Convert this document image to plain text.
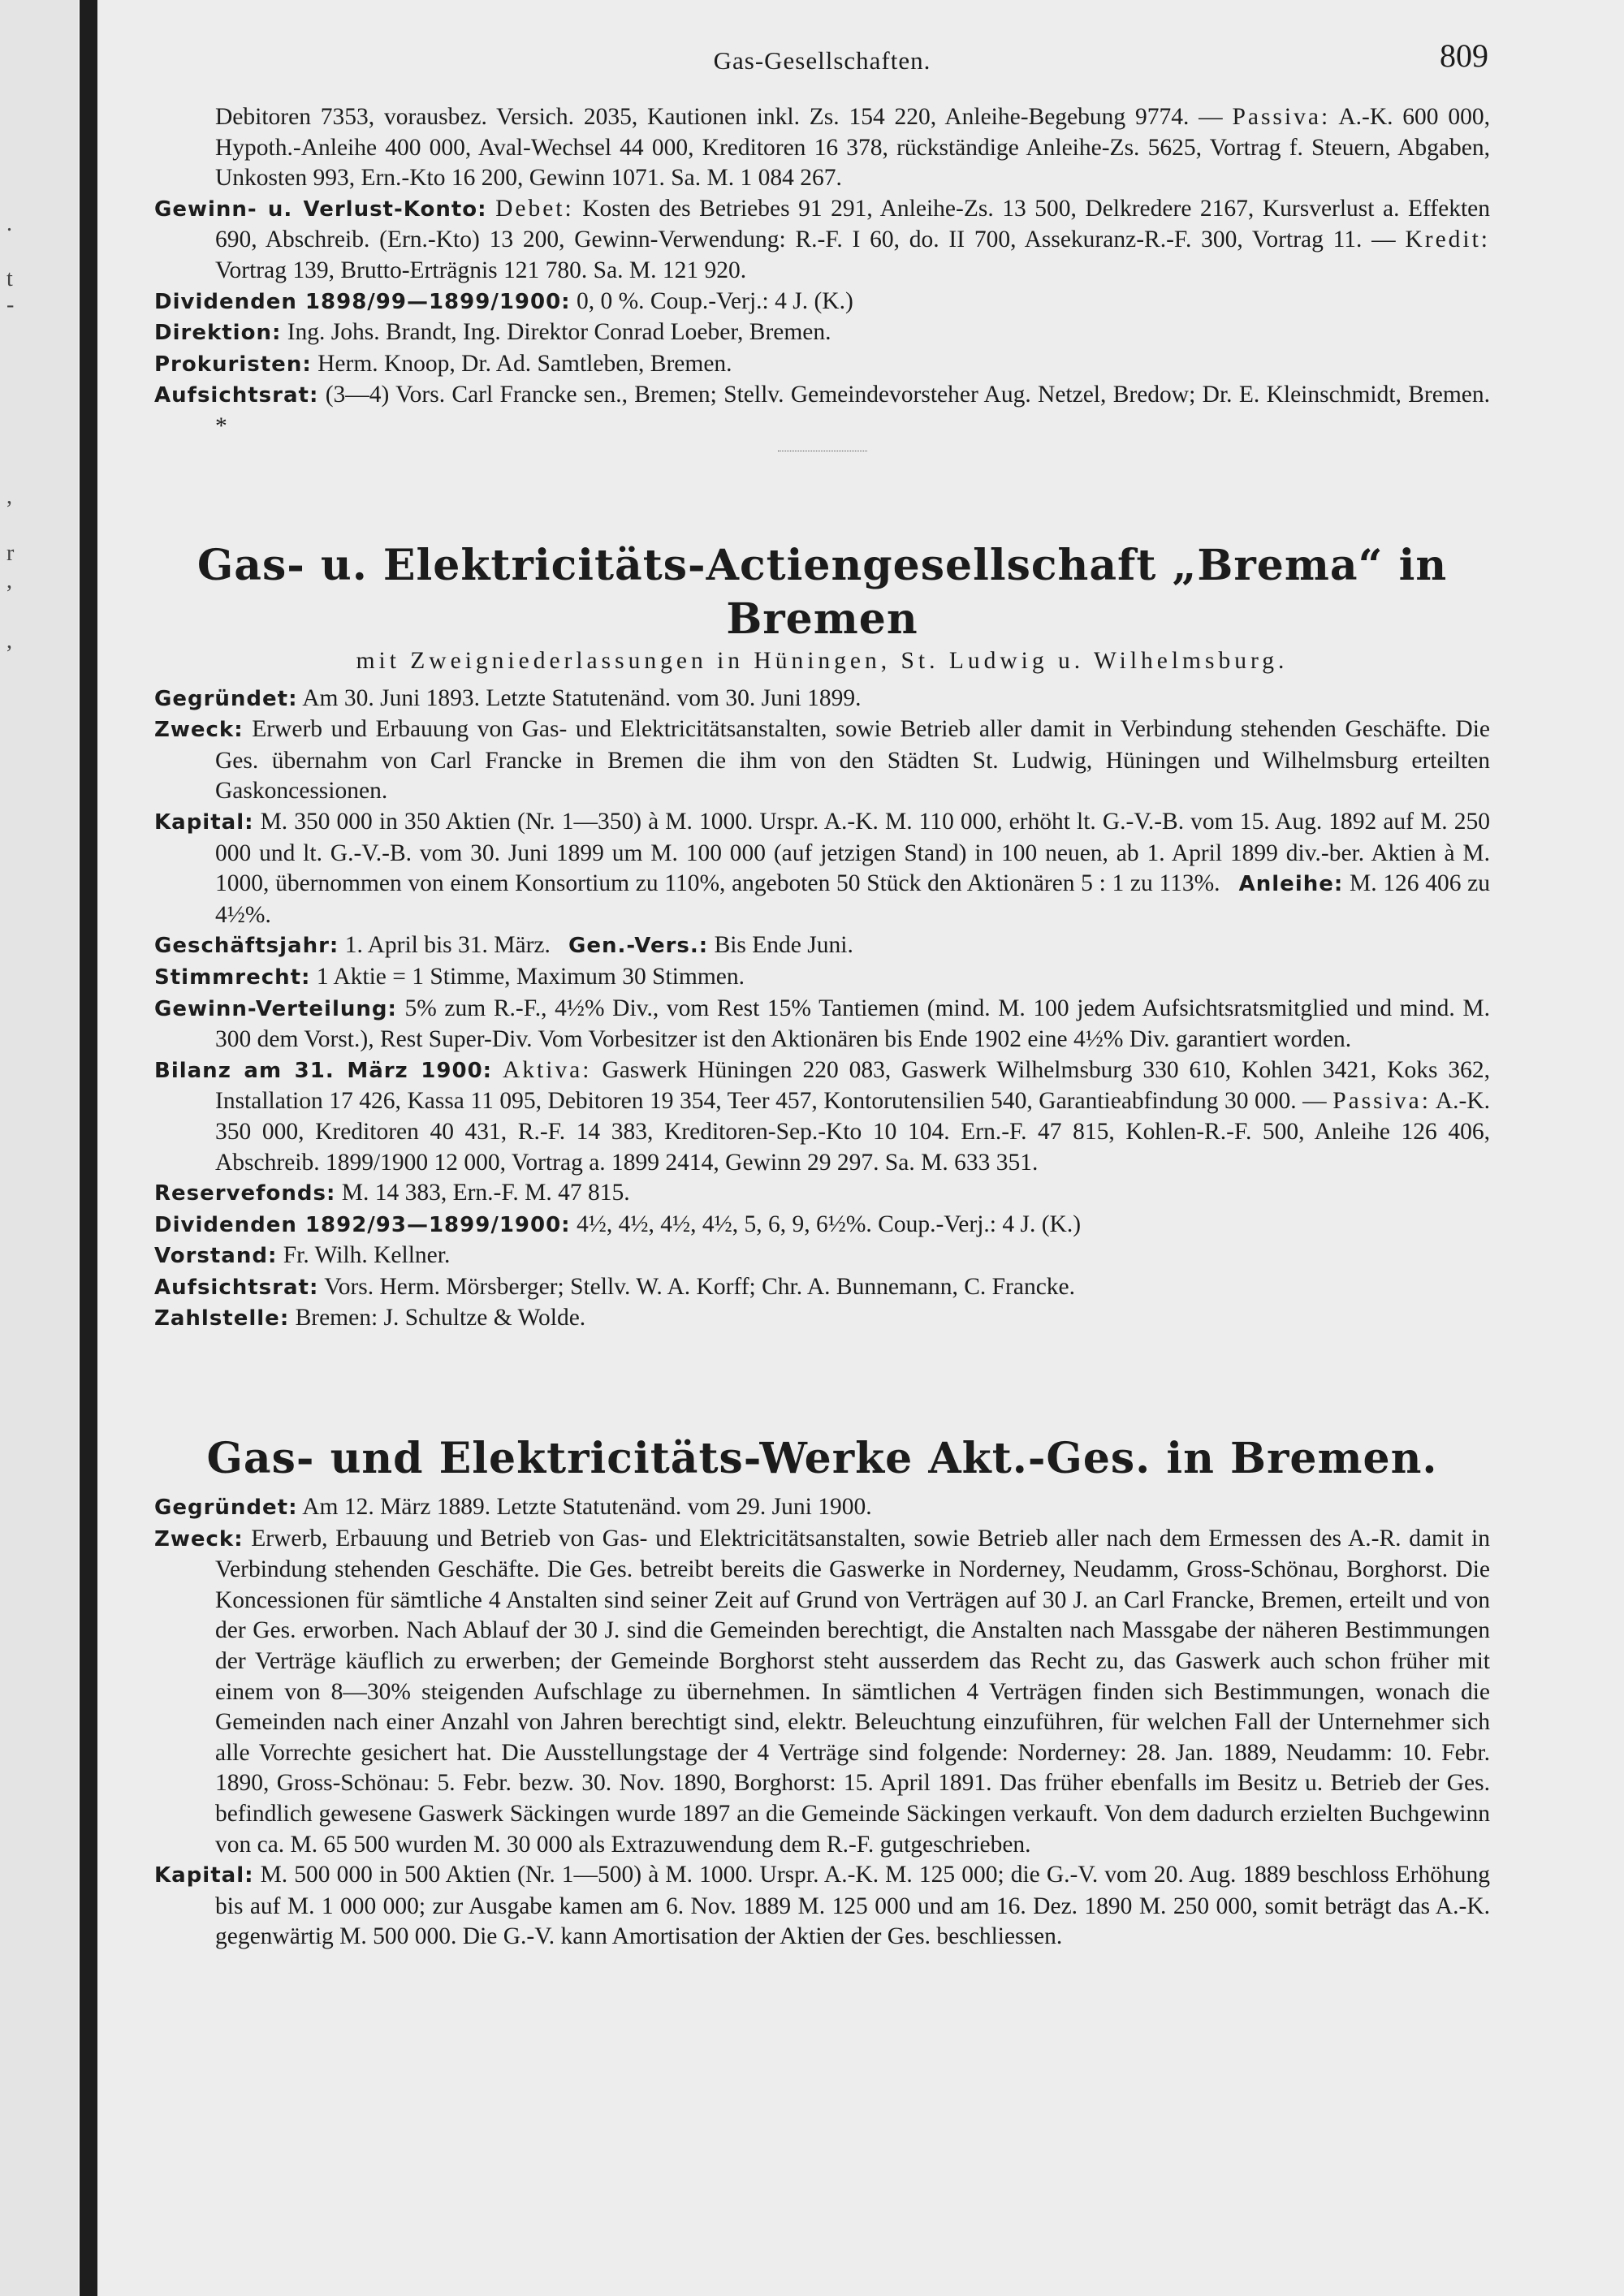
.
t
-
,
r
,
,
Gas-Gesellschaften.	809

Debitoren 7353, vorausbez. Versich. 2035, Kautionen inkl. Zs. 154 220, Anleihe-Begebung 9774. — Passiva: A.-K. 600 000, Hypoth.-Anleihe 400 000, Aval-Wechsel 44 000, Kreditoren 16 378, rückständige Anleihe-Zs. 5625, Vortrag f. Steuern, Abgaben, Unkosten 993, Ern.-Kto 16 200, Gewinn 1071. Sa. M. 1 084 267.

Gewinn- u. Verlust-Konto: Debet: Kosten des Betriebes 91 291, Anleihe-Zs. 13 500, Delkredere 2167, Kursverlust a. Effekten 690, Abschreib. (Ern.-Kto) 13 200, Gewinn-Verwendung: R.-F. I 60, do. II 700, Assekuranz-R.-F. 300, Vortrag 11. — Kredit: Vortrag 139, Brutto-Erträgnis 121 780. Sa. M. 121 920.

Dividenden 1898/99—1899/1900: 0, 0 %. Coup.-Verj.: 4 J. (K.)

Direktion: Ing. Johs. Brandt, Ing. Direktor Conrad Loeber, Bremen.

Prokuristen: Herm. Knoop, Dr. Ad. Samtleben, Bremen.

Aufsichtsrat: (3—4) Vors. Carl Francke sen., Bremen; Stellv. Gemeindevorsteher Aug. Netzel, Bredow; Dr. E. Kleinschmidt, Bremen. *

Gas- u. Elektricitäts-Actiengesellschaft „Brema“ in Bremen

mit Zweigniederlassungen in Hüningen, St. Ludwig u. Wilhelmsburg.

Gegründet: Am 30. Juni 1893. Letzte Statutenänd. vom 30. Juni 1899.

Zweck: Erwerb und Erbauung von Gas- und Elektricitätsanstalten, sowie Betrieb aller damit in Verbindung stehenden Geschäfte. Die Ges. übernahm von Carl Francke in Bremen die ihm von den Städten St. Ludwig, Hüningen und Wilhelmsburg erteilten Gaskoncessionen.

Kapital: M. 350 000 in 350 Aktien (Nr. 1—350) à M. 1000. Urspr. A.-K. M. 110 000, erhöht lt. G.-V.-B. vom 15. Aug. 1892 auf M. 250 000 und lt. G.-V.-B. vom 30. Juni 1899 um M. 100 000 (auf jetzigen Stand) in 100 neuen, ab 1. April 1899 div.-ber. Aktien à M. 1000, übernommen von einem Konsortium zu 110%, angeboten 50 Stück den Aktionären 5 : 1 zu 113%. Anleihe: M. 126 406 zu 4½%.

Geschäftsjahr: 1. April bis 31. März. Gen.-Vers.: Bis Ende Juni.

Stimmrecht: 1 Aktie = 1 Stimme, Maximum 30 Stimmen.

Gewinn-Verteilung: 5% zum R.-F., 4½% Div., vom Rest 15% Tantiemen (mind. M. 100 jedem Aufsichtsratsmitglied und mind. M. 300 dem Vorst.), Rest Super-Div. Vom Vorbesitzer ist den Aktionären bis Ende 1902 eine 4½% Div. garantiert worden.

Bilanz am 31. März 1900: Aktiva: Gaswerk Hüningen 220 083, Gaswerk Wilhelmsburg 330 610, Kohlen 3421, Koks 362, Installation 17 426, Kassa 11 095, Debitoren 19 354, Teer 457, Kontorutensilien 540, Garantieabfindung 30 000. — Passiva: A.-K. 350 000, Kreditoren 40 431, R.-F. 14 383, Kreditoren-Sep.-Kto 10 104. Ern.-F. 47 815, Kohlen-R.-F. 500, Anleihe 126 406, Abschreib. 1899/1900 12 000, Vortrag a. 1899 2414, Gewinn 29 297. Sa. M. 633 351.

Reservefonds: M. 14 383, Ern.-F. M. 47 815.

Dividenden 1892/93—1899/1900: 4½, 4½, 4½, 4½, 5, 6, 9, 6½%. Coup.-Verj.: 4 J. (K.)

Vorstand: Fr. Wilh. Kellner.

Aufsichtsrat: Vors. Herm. Mörsberger; Stellv. W. A. Korff; Chr. A. Bunnemann, C. Francke.

Zahlstelle: Bremen: J. Schultze & Wolde.

Gas- und Elektricitäts-Werke Akt.-Ges. in Bremen.

Gegründet: Am 12. März 1889. Letzte Statutenänd. vom 29. Juni 1900.

Zweck: Erwerb, Erbauung und Betrieb von Gas- und Elektricitätsanstalten, sowie Betrieb aller nach dem Ermessen des A.-R. damit in Verbindung stehenden Geschäfte. Die Ges. betreibt bereits die Gaswerke in Norderney, Neudamm, Gross-Schönau, Borghorst. Die Koncessionen für sämtliche 4 Anstalten sind seiner Zeit auf Grund von Verträgen auf 30 J. an Carl Francke, Bremen, erteilt und von der Ges. erworben. Nach Ablauf der 30 J. sind die Gemeinden berechtigt, die Anstalten nach Massgabe der näheren Bestimmungen der Verträge käuflich zu erwerben; der Gemeinde Borghorst steht ausserdem das Recht zu, das Gaswerk auch schon früher mit einem von 8—30% steigenden Aufschlage zu übernehmen. In sämtlichen 4 Verträgen finden sich Bestimmungen, wonach die Gemeinden nach einer Anzahl von Jahren berechtigt sind, elektr. Beleuchtung einzuführen, für welchen Fall der Unternehmer sich alle Vorrechte gesichert hat. Die Ausstellungstage der 4 Verträge sind folgende: Norderney: 28. Jan. 1889, Neudamm: 10. Febr. 1890, Gross-Schönau: 5. Febr. bezw. 30. Nov. 1890, Borghorst: 15. April 1891. Das früher ebenfalls im Besitz u. Betrieb der Ges. befindlich gewesene Gaswerk Säckingen wurde 1897 an die Gemeinde Säckingen verkauft. Von dem dadurch erzielten Buchgewinn von ca. M. 65 500 wurden M. 30 000 als Extrazuwendung dem R.-F. gutgeschrieben.

Kapital: M. 500 000 in 500 Aktien (Nr. 1—500) à M. 1000. Urspr. A.-K. M. 125 000; die G.-V. vom 20. Aug. 1889 beschloss Erhöhung bis auf M. 1 000 000; zur Ausgabe kamen am 6. Nov. 1889 M. 125 000 und am 16. Dez. 1890 M. 250 000, somit beträgt das A.-K. gegenwärtig M. 500 000. Die G.-V. kann Amortisation der Aktien der Ges. beschliessen.
